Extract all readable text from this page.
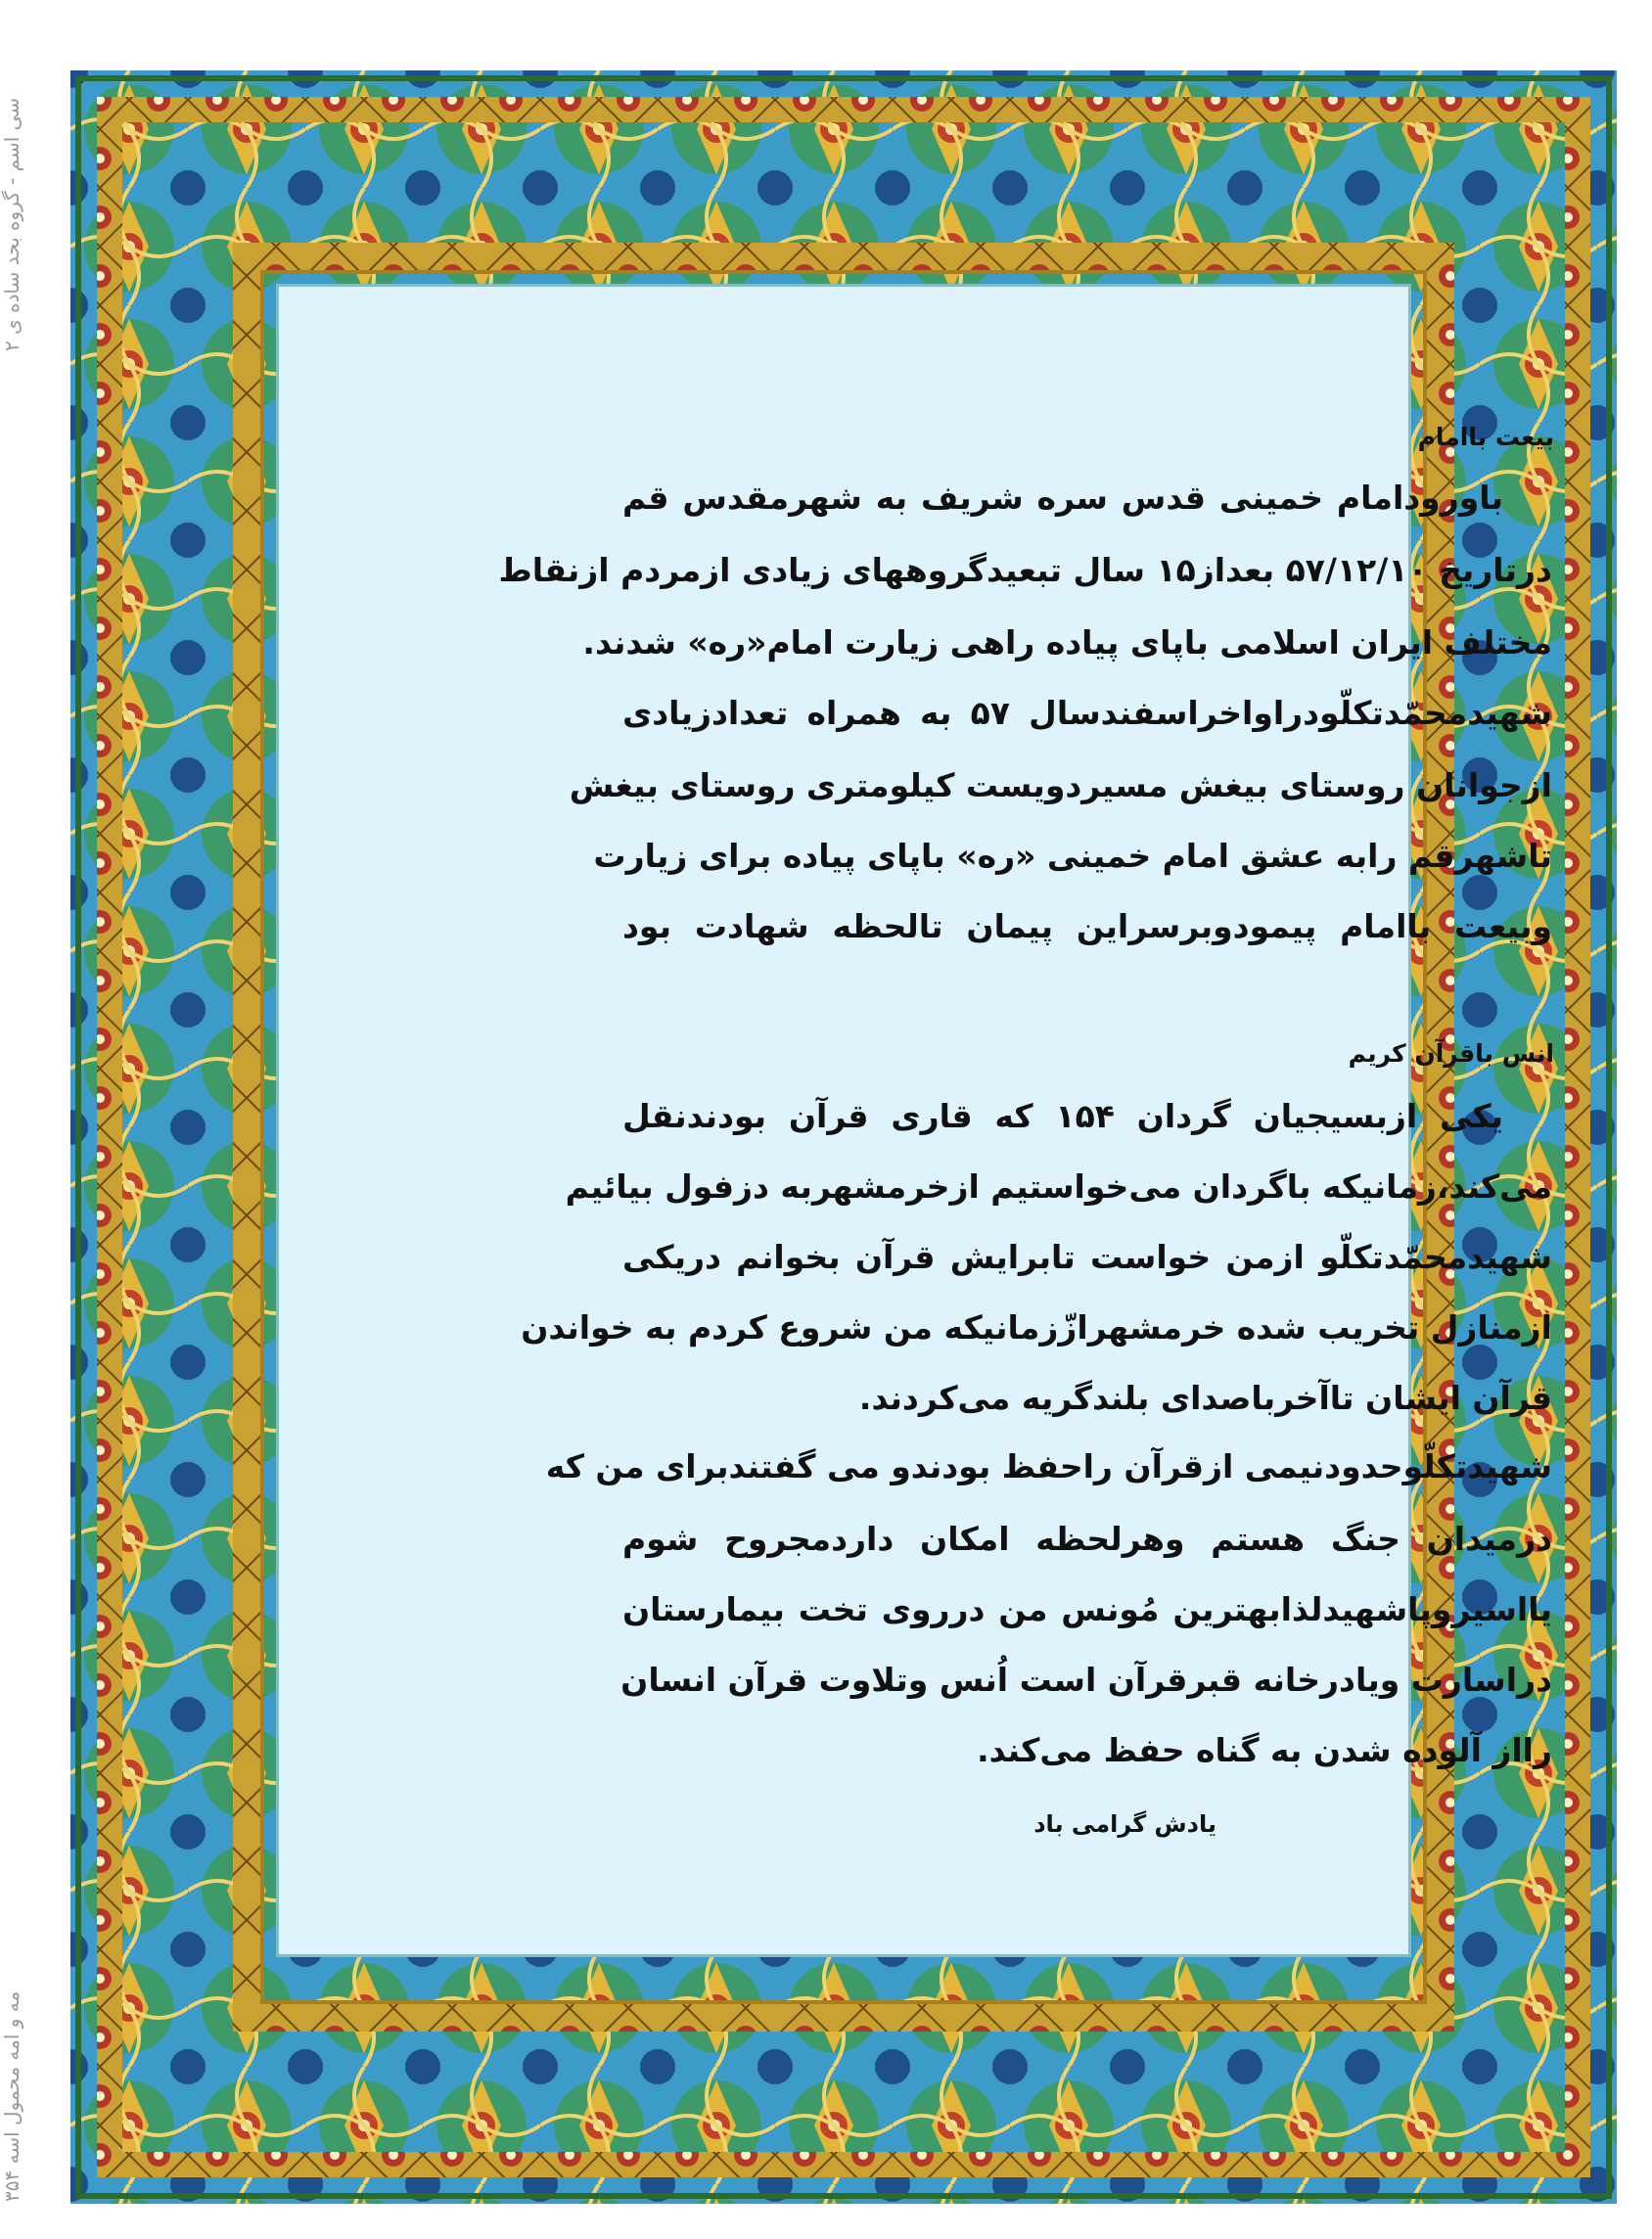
مه و امه محمول اسه ۳۵۴
سی اسم - گروه بحد ساده ی ۲
بیعت باامام
باورودامام خمینی قدس سره شریف به شهرمقدس قم
درتاریخ ۵۷/۱۲/۱۰ بعداز۱۵ سال تبعیدگروههای زیادی ازمردم ازنقاط
مختلف ایران اسلامی باپای پیاده راهی زیارت امام«ره» شدند.
شهیدمحمّدتکلّودراواخراسفندسال ۵۷ به همراه تعدادزیادی
ازجوانان روستای بیغش مسیردویست کیلومتری روستای بیغش
تاشهرقم رابه عشق امام خمینی «ره» باپای پیاده برای زیارت
وبیعت باامام پیمودوبرسراین پیمان تالحظه شهادت بود
انس باقرآن کریم
یکی ازبسیجیان گردان ۱۵۴ که قاری قرآن بودندنقل
می‌کند،زمانیکه باگردان می‌خواستیم ازخرمشهربه دزفول بیائیم
شهیدمحمّدتکلّو ازمن خواست تابرایش قرآن بخوانم دریکی
ازمنازل تخریب شده خرمشهرازّزمانیکه من شروع کردم به خواندن
قرآن ایشان تاآخرباصدای بلندگریه می‌کردند.
شهیدتکلّوحدودنیمی ازقرآن راحفظ بودندو می گفتندبرای من که
درمیدان جنگ هستم وهرلحظه امکان داردمجروح شوم
یااسیروپاشهیدلذابهترین مُونس من درروی تخت بیمارستان
دراسارت ویادرخانه قبرقرآن است اُنس وتلاوت قرآن انسان
رااز آلوده شدن به گناه حفظ می‌کند.
یادش گرامی باد
